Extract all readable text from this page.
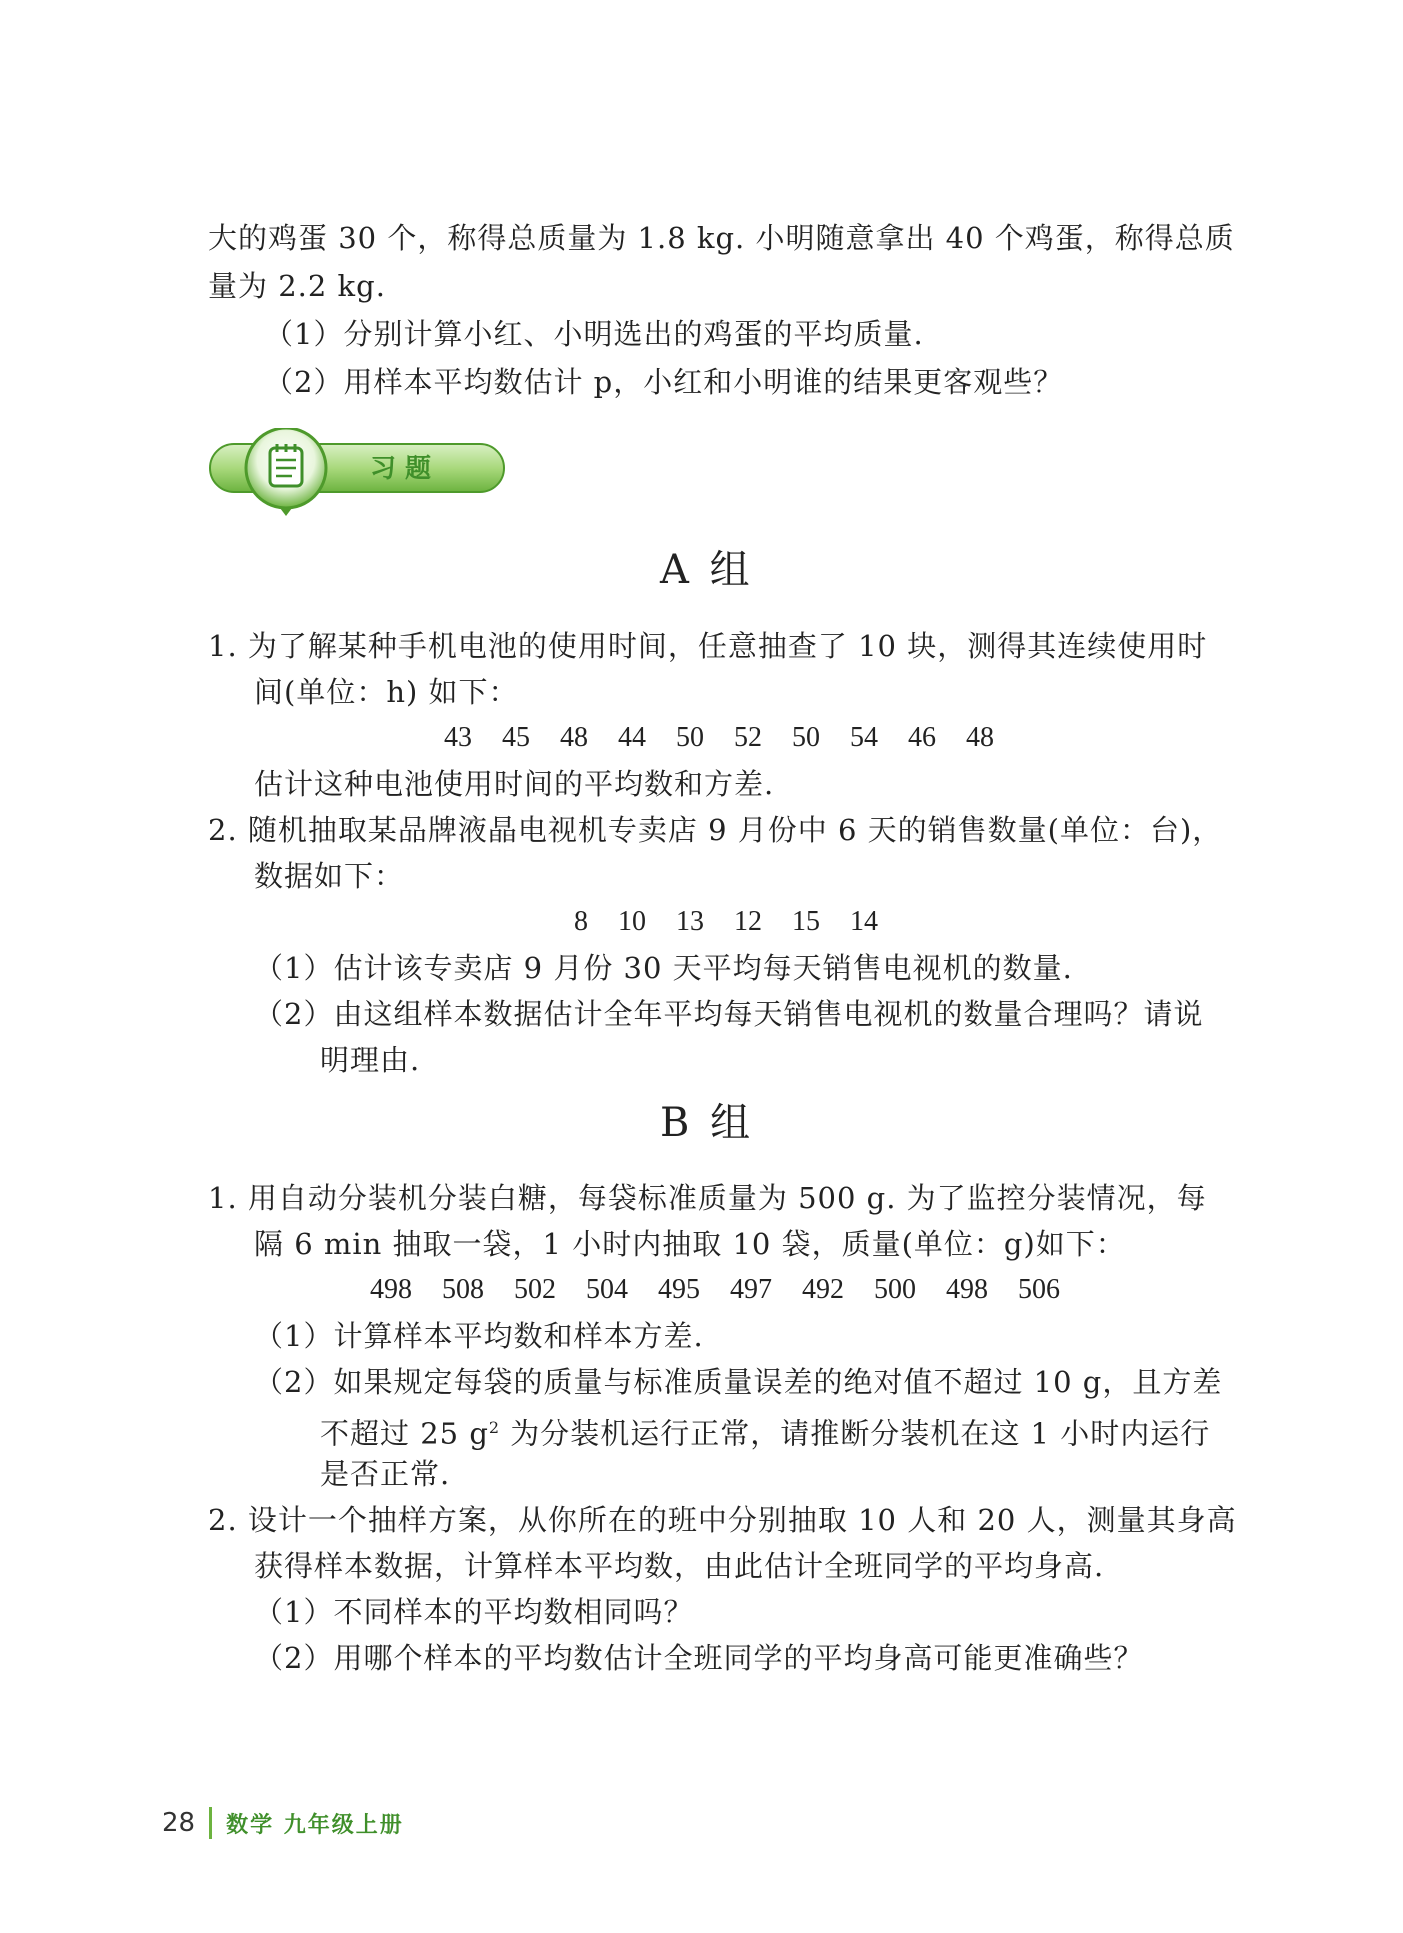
大的鸡蛋 30 个，称得总质量为 1.8 kg. 小明随意拿出 40 个鸡蛋，称得总质
量为 2.2 kg.
（1）分别计算小红、小明选出的鸡蛋的平均质量.
（2）用样本平均数估计 p，小红和小明谁的结果更客观些？
习 题
A 组
1. 为了解某种手机电池的使用时间，任意抽查了 10 块，测得其连续使用时
间(单位：h) 如下：
43 45 48 44 50 52 50 54 46 48
估计这种电池使用时间的平均数和方差.
2. 随机抽取某品牌液晶电视机专卖店 9 月份中 6 天的销售数量(单位：台)，
数据如下：
8 10 13 12 15 14
（1）估计该专卖店 9 月份 30 天平均每天销售电视机的数量.
（2）由这组样本数据估计全年平均每天销售电视机的数量合理吗？请说
明理由.
B 组
1. 用自动分装机分装白糖，每袋标准质量为 500 g. 为了监控分装情况，每
隔 6 min 抽取一袋，1 小时内抽取 10 袋，质量(单位：g)如下：
498 508 502 504 495 497 492 500 498 506
（1）计算样本平均数和样本方差.
（2）如果规定每袋的质量与标准质量误差的绝对值不超过 10 g，且方差
不超过 25 $g^2$ 为分装机运行正常，请推断分装机在这 1 小时内运行
是否正常.
2. 设计一个抽样方案，从你所在的班中分别抽取 10 人和 20 人，测量其身高
获得样本数据，计算样本平均数，由此估计全班同学的平均身高.
（1）不同样本的平均数相同吗？
（2）用哪个样本的平均数估计全班同学的平均身高可能更准确些？
28 数学 九年级上册
